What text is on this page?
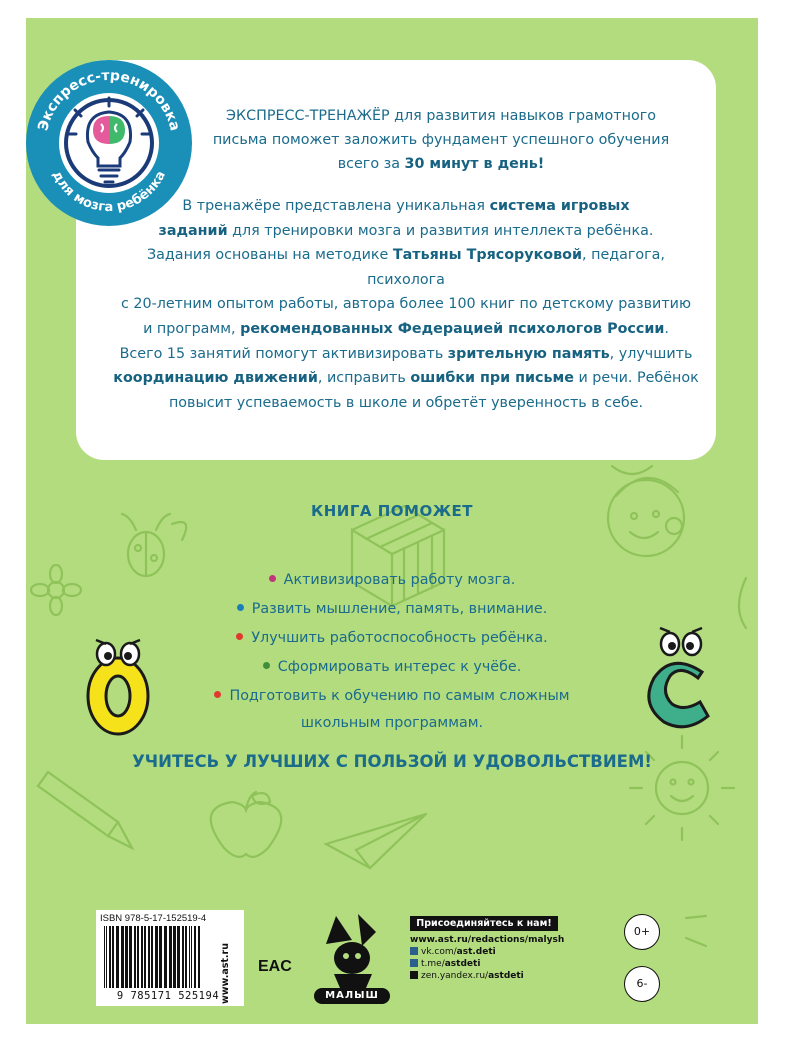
Экспресс-тренировка
для мозга ребёнка
ЭКСПРЕСС-ТРЕНАЖЁР для развития навыков грамотного
письма поможет заложить фундамент успешного обучения
всего за 30 минут в день!
В тренажёре представлена уникальная система игровых
заданий для тренировки мозга и развития интеллекта ребёнка.
Задания основаны на методике Татьяны Трясоруковой, педагога, психолога
с 20-летним опытом работы, автора более 100 книг по детскому развитию
и программ, рекомендованных Федерацией психологов России.
Всего 15 занятий помогут активизировать зрительную память, улучшить
координацию движений, исправить ошибки при письме и речи. Ребёнок
повысит успеваемость в школе и обретёт уверенность в себе.
КНИГА ПОМОЖЕТ
Активизировать работу мозга.
Развить мышление, память, внимание.
Улучшить работоспособность ребёнка.
Сформировать интерес к учёбе.
Подготовить к обучению по самым сложным
школьным программам.
УЧИТЕСЬ У ЛУЧШИХ С ПОЛЬЗОЙ И УДОВОЛЬСТВИЕМ!
ISBN 978-5-17-152519-4
9 785171 525194 www.ast.ru EAC
МАЛЫШ
Присоединяйтесь к нам!
www.ast.ru/redactions/malysh
vk.com/ast.deti
t.me/astdeti
zen.yandex.ru/astdeti
0+
6-
